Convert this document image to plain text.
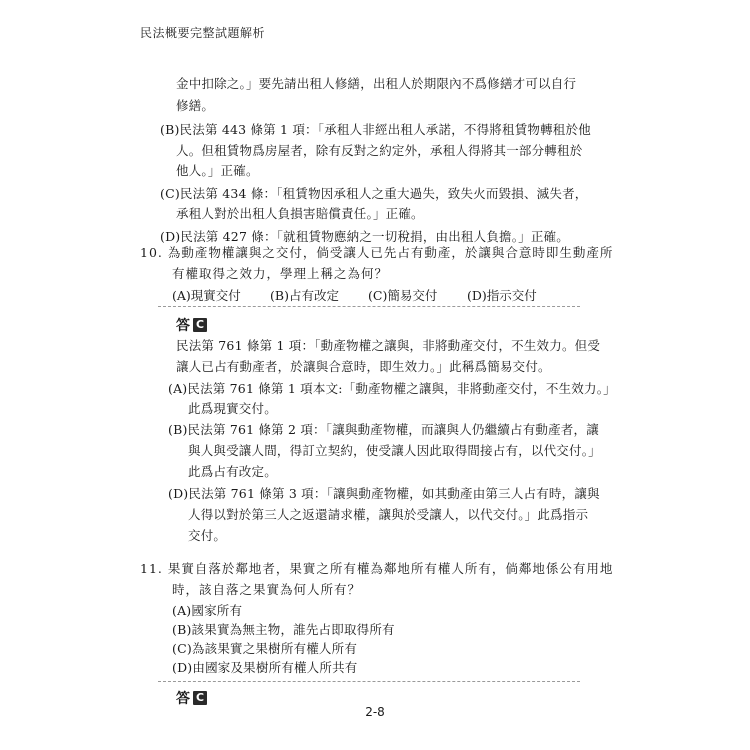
民法概要完整試題解析
金中扣除之。」要先請出租人修繕，出租人於期限內不爲修繕才可以自行
修繕。
(B)民法第 443 條第 1 項：「承租人非經出租人承諾，不得將租賃物轉租於他
人。但租賃物爲房屋者，除有反對之約定外，承租人得將其一部分轉租於
他人。」正確。
(C)民法第 434 條：「租賃物因承租人之重大過失，致失火而毀損、滅失者，
承租人對於出租人負損害賠償責任。」正確。
(D)民法第 427 條：「就租賃物應納之一切稅捐，由出租人負擔。」正確。
10. 為動產物權讓與之交付，倘受讓人已先占有動產，於讓與合意時即生動產所
有權取得之效力，學理上稱之為何？
(A)現實交付 (B)占有改定 (C)簡易交付 (D)指示交付
答 C
民法第 761 條第 1 項：「動產物權之讓與，非將動產交付，不生效力。但受
讓人已占有動產者，於讓與合意時，即生效力。」此稱爲簡易交付。
(A)民法第 761 條第 1 項本文:「動產物權之讓與，非將動產交付，不生效力。」
此爲現實交付。
(B)民法第 761 條第 2 項：「讓與動產物權，而讓與人仍繼續占有動產者，讓
與人與受讓人間，得訂立契約，使受讓人因此取得間接占有，以代交付。」
此爲占有改定。
(D)民法第 761 條第 3 項：「讓與動產物權，如其動產由第三人占有時，讓與
人得以對於第三人之返還請求權，讓與於受讓人，以代交付。」此爲指示
交付。
11. 果實自落於鄰地者，果實之所有權為鄰地所有權人所有，倘鄰地係公有用地
時，該自落之果實為何人所有？
(A)國家所有
(B)該果實為無主物，誰先占即取得所有
(C)為該果實之果樹所有權人所有
(D)由國家及果樹所有權人所共有
答 C
2-8
